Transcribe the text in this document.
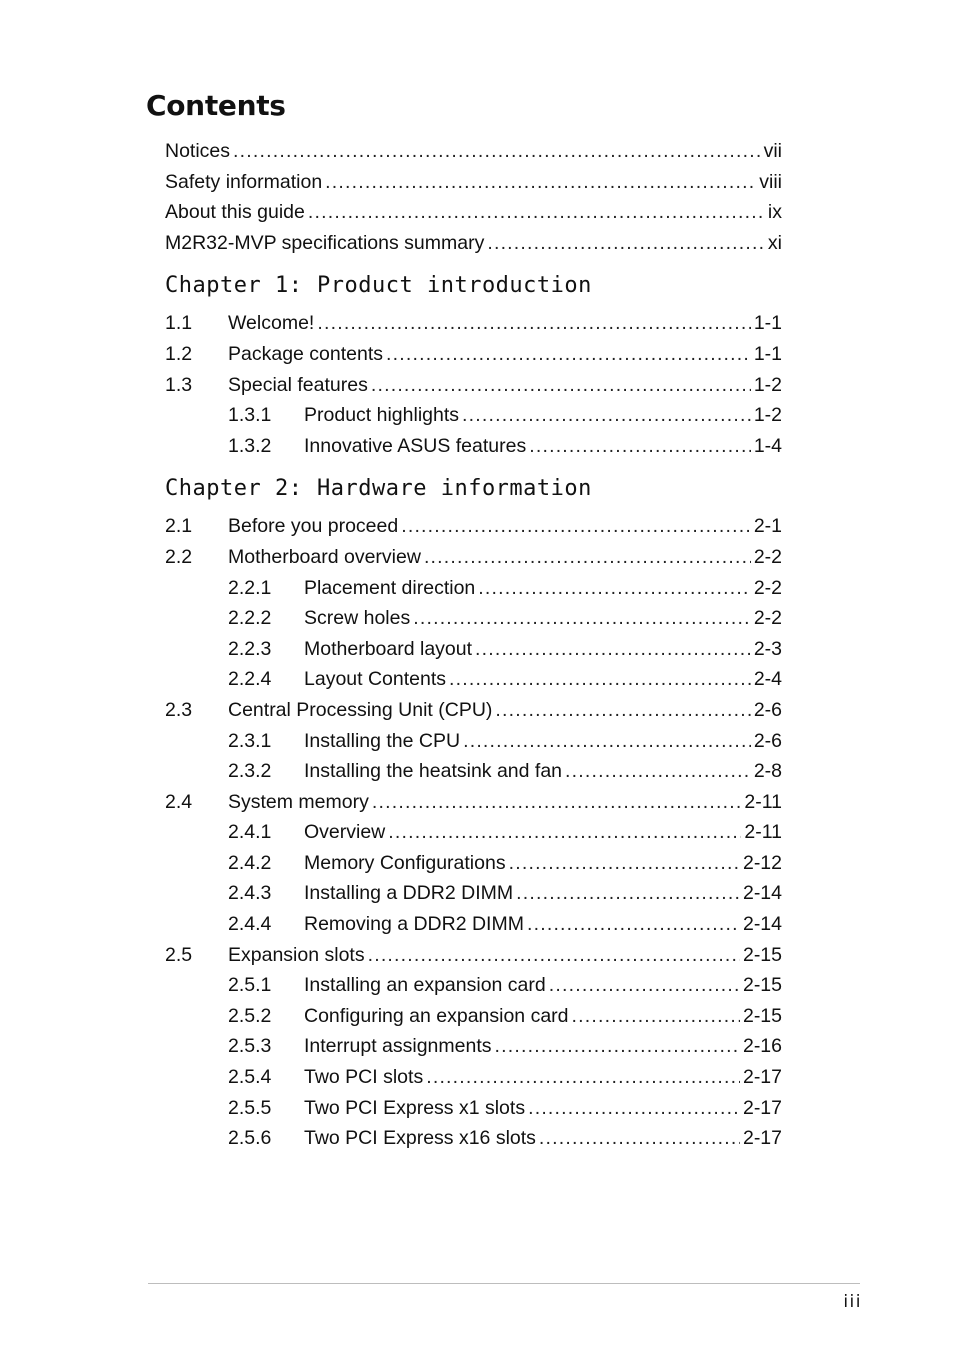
Contents
Notices .....	vii
Safety information .....	viii
About this guide .....	ix
M2R32-MVP specifications summary .....	xi
Chapter 1: Product introduction
1.1	Welcome! .....	1-1
1.2	Package contents .....	1-1
1.3	Special features .....	1-2
1.3.1	Product highlights .....	1-2
1.3.2	Innovative ASUS features .....	1-4
Chapter 2: Hardware information
2.1	Before you proceed .....	2-1
2.2	Motherboard overview .....	2-2
2.2.1	Placement direction .....	2-2
2.2.2	Screw holes .....	2-2
2.2.3	Motherboard layout .....	2-3
2.2.4	Layout Contents .....	2-4
2.3	Central Processing Unit (CPU) .....	2-6
2.3.1	Installing the CPU .....	2-6
2.3.2	Installing the heatsink and fan .....	2-8
2.4	System memory .....	2-11
2.4.1	Overview .....	2-11
2.4.2	Memory Configurations .....	2-12
2.4.3	Installing a DDR2 DIMM .....	2-14
2.4.4	Removing a DDR2 DIMM .....	2-14
2.5	Expansion slots .....	2-15
2.5.1	Installing an expansion card .....	2-15
2.5.2	Configuring an expansion card .....	2-15
2.5.3	Interrupt assignments .....	2-16
2.5.4	Two PCI slots .....	2-17
2.5.5	Two PCI Express x1 slots .....	2-17
2.5.6	Two PCI Express x16 slots .....	2-17
iii
